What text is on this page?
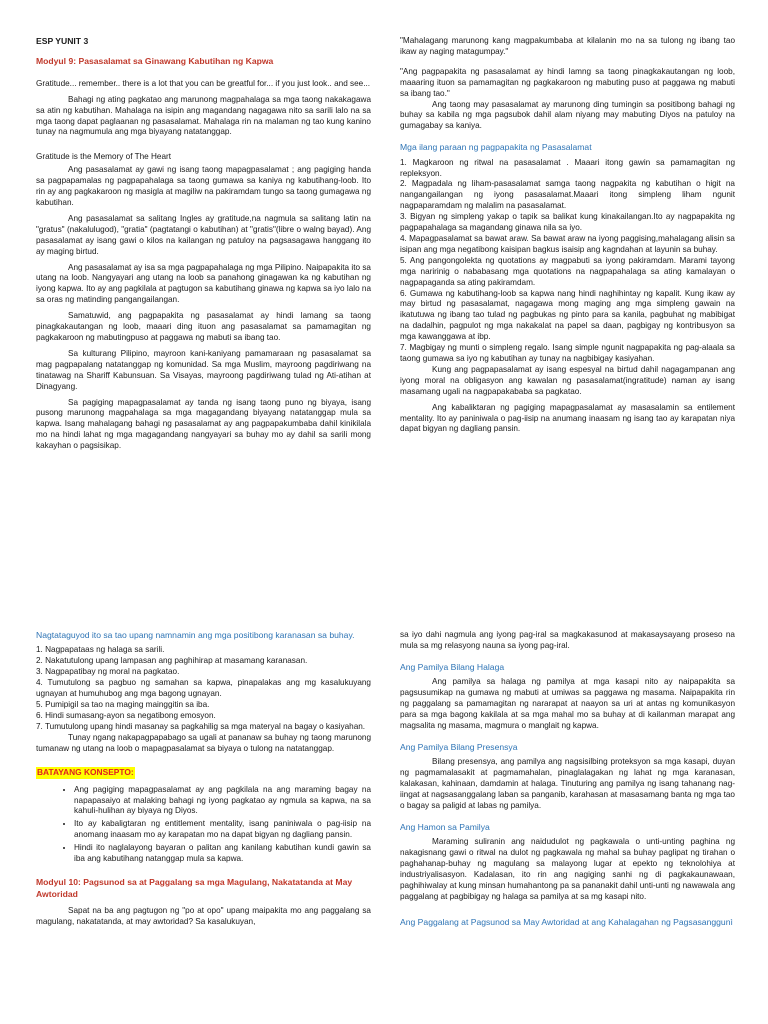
ESP YUNIT 3
Modyul 9: Pasasalamat sa Ginawang Kabutihan ng Kapwa

Gratitude... remember.. there is a lot that you can be greatful for... if you just look.. and see...

Bahagi ng ating pagkatao ang marunong magpahalaga sa mga taong nakakagawa sa atin ng kabutihan. Mahalaga na isipin ang magandang nagagawa nito sa sarili lalo na sa mga taong dapat paglaanan ng pasasalamat. Mahalaga rin na malaman ng tao kung kanino tunay na nagmumula ang mga biyayang natatanggap.

Gratitude is the Memory of The Heart

Ang pasasalamat ay gawi ng isang taong mapagpasalamat ; ang pagiging handa sa pagpapamalas ng pagpapahalaga sa taong gumawa sa kaniya ng kabutihang-loob. Ito rin ay ang pagkakaroon ng masigla at magiliw na pakiramdam tungo sa taong gumagawa ng kabutihan.

Ang pasasalamat sa salitang Ingles ay gratitude,na nagmula sa salitang latin na "gratus" (nakalulugod), "gratia" (pagtatangi o kabutihan) at "gratis"(libre o walng bayad). Ang pasasalamat ay isang gawi o kilos na kailangan ng patuloy na pagsasagawa hanggang ito ay maging birtud.

Ang pasasalamat ay isa sa mga pagpapahalaga ng mga Pilipino. Naipapakita ito sa utang na loob. Nangyayari ang utang na loob sa panahong ginagawan ka ng kabutihan ng iyong kapwa. Ito ay ang pagkilala at pagtugon sa kabutihang ginawa ng kapwa sa iyo lalo na sa oras ng matinding pangangailangan.

Samatuwid, ang pagpapakita ng pasasalamat ay hindi lamang sa taong pinagkakautangan ng loob, maaari ding ituon ang pasasalamat sa pamamagitan ng pagkakaroon ng mabutingpuso at paggawa ng mabuti sa ibang tao.

Sa kulturang Pilipino, mayroon kani-kaniyang pamamaraan ng pasasalamat sa mag pagpapalang natatanggap ng komunidad. Sa mga Muslim, mayroong pagdiriwang na tinatawag na Shariff Kabunsuan. Sa Visayas, mayroong pagdiriwang tulad ng Ati-atihan at Dinagyang.

Sa pagiging mapagpasalamat ay tanda ng isang taong puno ng biyaya, isang pusong marunong magpahalaga sa mga magagandang biyayang natatanggap mula sa kapwa. Isang mahalagang bahagi ng pasasalamat ay ang pagpapakumbaba dahil kinikilala mo na hindi lahat ng mga magagandang nangyayari sa buhay mo ay dahil sa sarili mong kakayhan o pagsisikap.

"Mahalagang marunong kang magpakumbaba at kilalanin mo na sa tulong ng ibang tao ikaw ay naging matagumpay."

"Ang pagpapakita ng pasasalamat ay hindi lamng sa taong pinagkakautangan ng loob, maaaring ituon sa pamamagitan ng pagkakaroon ng mabuting puso at paggawa ng mabuti sa ibang tao."

Ang taong may pasasalamat ay marunong ding tumingin sa positibong bahagi ng buhay sa kabila ng mga pagsubok dahil alam niyang may mabuting Diyos na patuloy na gumagabay sa kaniya.

Mga ilang paraan ng pagpapakita ng Pasasalamat

1. Magkaroon ng ritwal na pasasalamat . Maaari itong gawin sa pamamagitan ng repleksyon.

2. Magpadala ng liham-pasasalamat samga taong nagpakita ng kabutihan o higit na nangangailangan ng iyong pasasalamat.Maaari itong simpleng liham ngunit nagpaparamdam ng malalim na pasasalamat.

3. Bigyan ng simpleng yakap o tapik sa balikat kung kinakailangan.Ito ay nagpapakita ng pagpapahalaga sa magandang ginawa nila sa iyo.

4. Mapagpasalamat sa bawat araw. Sa bawat araw na iyong paggising,mahalagang alisin sa isipan ang mga negatibong kaisipan bagkus isaisip ang kagndahan at layunin sa buhay.

5. Ang pangongolekta ng quotations ay magpabuti sa iyong pakiramdam. Marami tayong mga naririnig o nababasang mga quotations na nagpapahalaga sa ating kamalayan o nagpapaganda sa ating pakiramdam.

6. Gumawa ng kabutihang-loob sa kapwa nang hindi naghihintay ng kapalit. Kung ikaw ay may birtud ng pasasalamat, nagagawa mong maging ang mga simpleng gawain na ikatutuwa ng ibang tao tulad ng pagbukas ng pinto para sa kanila, pagbuhat ng mabibigat na dadalhin, pagpulot ng mga nakakalat na papel sa daan, pagbigay ng kontribusyon sa mga kawanggawa at ibp.

7. Magbigay ng munti o simpleng regalo. Isang simple ngunit nagpapakita ng pag-alaala sa taong gumawa sa iyo ng kabutihan ay tunay na nagbibigay kasiyahan.

Kung ang pagpapasalamat ay isang espesyal na birtud dahil nagagampanan ang iyong moral na obligasyon ang kawalan ng pasasalamat(ingratitude) naman ay isang masamang ugali na nagpapakababa sa pagkatao.

Ang kabaliktaran ng pagiging mapagpasalamat ay masasalamin sa entilement mentality. Ito ay paniniwala o pag-iisip na anumang inaasam ng isang tao ay karapatan niya dapat bigyan ng dagliang pansin.

Nagtataguyod ito sa tao upang namnamin ang mga positibong karanasan sa buhay.

1. Nagpapataas ng halaga sa sarili.

2. Nakatutulong upang lampasan ang paghihirap at masamang karanasan.

3. Nagpapatibay ng moral na pagkatao.

4. Tumutulong sa pagbuo ng samahan sa kapwa, pinapalakas ang mg kasalukuyang ugnayan at humuhubog ang mga bagong ugnayan.

5. Pumipigil sa tao na maging mainggitin sa iba.

6. Hindi sumasang-ayon sa negatibong emosyon.

7. Tumutulong upang hindi masanay sa pagkahilig sa mga materyal na bagay o kasiyahan.

Tunay ngang nakapagpapabago sa ugali at pananaw sa buhay ng taong marunong tumanaw ng utang na loob o mapagpasalamat sa biyaya o tulong na natatanggap.

BATAYANG KONSEPTO:
• Ang pagiging mapagpasalamat ay ang pagkilala na ang maraming bagay na napapasaiyo at malaking bahagi ng iyong pagkatao ay ngmula sa kapwa, na sa kahuli-hulihan ay biyaya ng Diyos.
• Ito ay kabaligtaran ng entitlement mentality, isang paniniwala o pag-iisip na anomang inaasam mo ay karapatan mo na dapat bigyan ng dagliang pansin.
• Hindi ito naglalayong bayaran o palitan ang kanilang kabutihan kundi gawin sa iba ang kabutihang natanggap mula sa kapwa.
Modyul 10: Pagsunod sa at Paggalang sa mga Magulang, Nakatatanda at May Awtoridad

Sapat na ba ang pagtugon ng "po at opo" upang maipakita mo ang paggalang sa magulang, nakatatanda, at may awtoridad? Sa kasalukuyan,

sa iyo dahi nagmula ang iyong pag-iral sa magkakasunod at makasaysayang proseso na mula sa mg relasyong nauna sa iyong pag-iral.

Ang Pamilya Bilang Halaga

Ang pamilya sa halaga ng pamilya at mga kasapi nito ay naipapakita sa pagsusumikap na gumawa ng mabuti at umiwas sa paggawa ng masama. Naipapakita rin ng paggalang sa pamamagitan ng nararapat at naayon sa uri at antas ng komunikasyon para sa mga bagong kakilala at sa mga mahal mo sa buhay at di kailanman marapat ang magsalita ng masama, magmura o manglait ng kapwa.

Ang Pamilya Bilang Presensya

Bilang presensya, ang pamilya ang nagsisilbing proteksyon sa mga kasapi, duyan ng pagmamalasakit at pagmamahalan, pinaglalagakan ng lahat ng mga karanasan, kalakasan, kahinaan, damdamin at halaga. Tinuturing ang pamilya ng isang tahanang nag-iingat at nagsasanggalang laban sa panganib, karahasan at masasamang banta ng mga tao o bagay sa paligid at labas ng pamilya.

Ang Hamon sa Pamilya

Maraming suliranin ang naidudulot ng pagkawala o unti-unting paghina ng nakagisnang gawi o ritwal na dulot ng pagkawala ng mahal sa buhay paglipat ng tirahan o paghahanap-buhay ng magulang sa malayong lugar at epekto ng teknolohiya at industriyalisasyon. Kadalasan, ito rin ang nagiging sanhi ng di pagkakaunawaan, paghihiwalay at kung minsan humahantong pa sa pananakit dahil unti-unti ng nawawala ang paggalang at pagbibigay ng halaga sa pamilya at sa mg kasapi nito.

Ang Paggalang at Pagsunod sa May Awtoridad at ang Kahalagahan ng Pagsasanggunì
